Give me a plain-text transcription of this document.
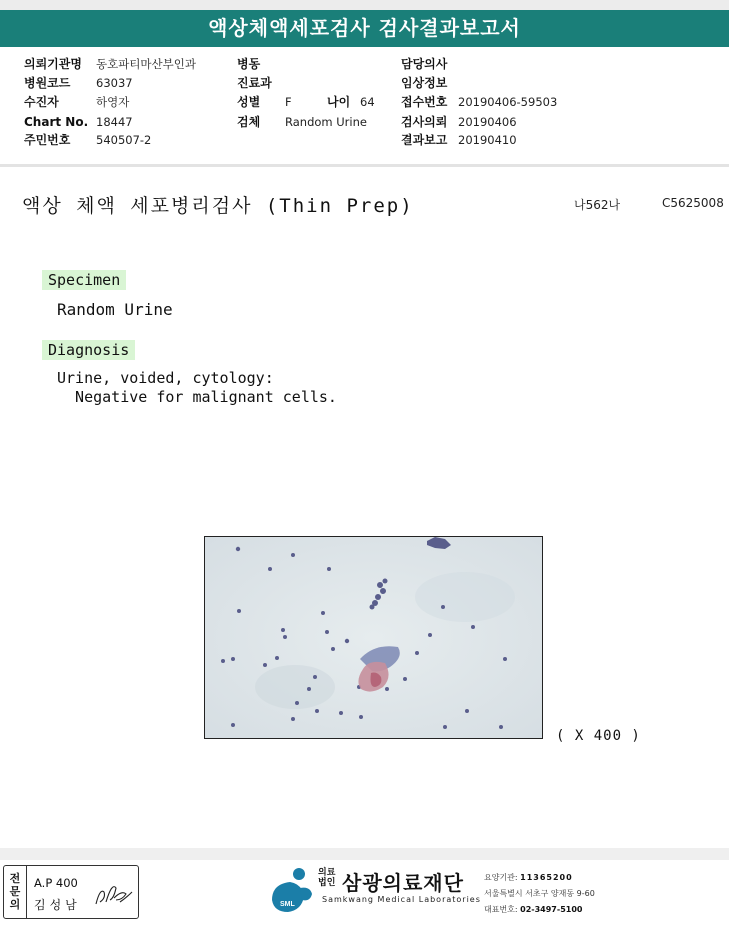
액상체액세포검사 검사결과보고서
의뢰기관명 동호파티마산부인과
병원코드 63037
수진자	하영자
Chart No. 18447
주민번호 540507-2
병동
진료과
성별 F	나이 64
검체 Random Urine
담당의사
임상정보
접수번호 20190406-59503
검사의뢰 20190406
결과보고 20190410
액상 체액 세포병리검사 (Thin Prep)	나562나	C5625008
Specimen
Random Urine
Diagnosis
Urine, voided, cytology:
Negative for malignant cells.
( X 400 )
전문의
A.P 400
김성남	SML
의료
법인 삼광의료재단
Samkwang Medical Laboratories
요양기관: 11365200
서울특별시 서초구 양재동 9-60
대표번호: 02-3497-5100
